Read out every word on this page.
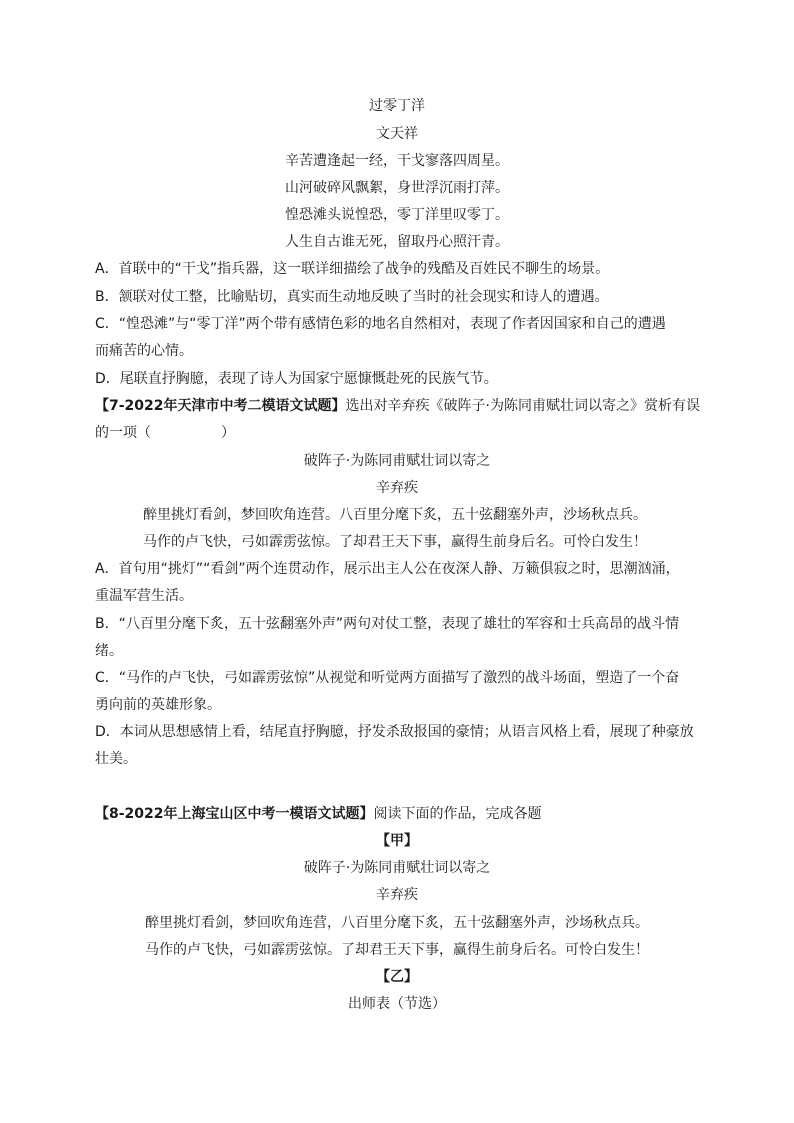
过零丁洋
文天祥
辛苦遭逢起一经，干戈寥落四周星。
山河破碎风飘絮，身世浮沉雨打萍。
惶恐滩头说惶恐，零丁洋里叹零丁。
人生自古谁无死，留取丹心照汗青。
A．首联中的“干戈”指兵器，这一联详细描绘了战争的残酷及百姓民不聊生的场景。
B．颔联对仗工整，比喻贴切，真实而生动地反映了当时的社会现实和诗人的遭遇。
C．“惶恐滩”与“零丁洋”两个带有感情色彩的地名自然相对，表现了作者因国家和自己的遭遇
而痛苦的心情。
D．尾联直抒胸臆，表现了诗人为国家宁愿慷慨赴死的民族气节。
【7-2022年天津市中考二模语文试题】选出对辛弃疾《破阵子·为陈同甫赋壮词以寄之》赏析有误
的一项（　　　　　）
破阵子·为陈同甫赋壮词以寄之
辛弃疾
醉里挑灯看剑，梦回吹角连营。八百里分麾下炙，五十弦翻塞外声，沙场秋点兵。
马作的卢飞快，弓如霹雳弦惊。了却君王天下事，赢得生前身后名。可怜白发生！
A．首句用“挑灯”“看剑”两个连贯动作，展示出主人公在夜深人静、万籁俱寂之时，思潮汹涌，
重温军营生活。
B．“八百里分麾下炙，五十弦翻塞外声”两句对仗工整，表现了雄壮的军容和士兵高昂的战斗情
绪。
C．“马作的卢飞快，弓如霹雳弦惊”从视觉和听觉两方面描写了激烈的战斗场面，塑造了一个奋
勇向前的英雄形象。
D．本词从思想感情上看，结尾直抒胸臆，抒发杀敌报国的豪情；从语言风格上看，展现了种豪放
壮美。
【8-2022年上海宝山区中考一模语文试题】阅读下面的作品，完成各题
【甲】
破阵子·为陈同甫赋壮词以寄之
辛弃疾
醉里挑灯看剑，梦回吹角连营，八百里分麾下炙，五十弦翻塞外声，沙场秋点兵。
马作的卢飞快，弓如霹雳弦惊。了却君王天下事，赢得生前身后名。可怜白发生！
【乙】
出师表（节选）
